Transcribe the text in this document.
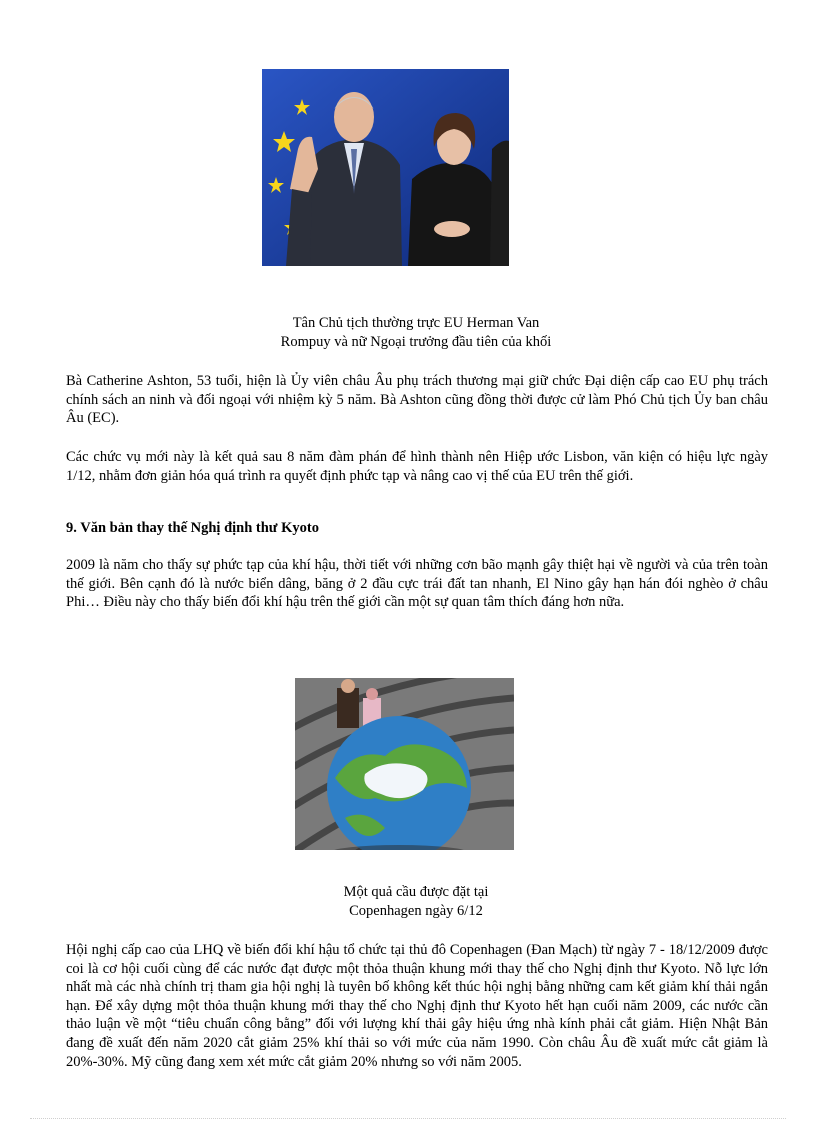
Tân Chủ tịch thường trực EU Herman Van
Rompuy và nữ Ngoại trưởng đầu tiên của khối
Bà Catherine Ashton, 53 tuổi, hiện là Ủy viên châu Âu phụ trách thương mại giữ chức Đại diện cấp cao EU phụ trách chính sách an ninh và đối ngoại với nhiệm kỳ 5 năm. Bà Ashton cũng đồng thời được cử làm Phó Chủ tịch Ủy ban châu Âu (EC).
Các chức vụ mới này là kết quả sau 8 năm đàm phán để hình thành nên Hiệp ước Lisbon, văn kiện có hiệu lực ngày 1/12, nhằm đơn giản hóa quá trình ra quyết định phức tạp và nâng cao vị thế của EU trên thế giới.
9. Văn bản thay thế Nghị định thư Kyoto
2009 là năm cho thấy sự phức tạp của khí hậu, thời tiết với những cơn bão mạnh gây thiệt hại về người và của trên toàn thế giới. Bên cạnh đó là nước biển dâng, băng ở 2 đầu cực trái đất tan nhanh, El Nino gây hạn hán đói nghèo ở châu Phi… Điều này cho thấy biến đổi khí hậu trên thế giới cần một sự quan tâm thích đáng hơn nữa.
Một quả cầu được đặt tại
Copenhagen ngày 6/12
Hội nghị cấp cao của LHQ về biến đổi khí hậu tổ chức tại thủ đô Copenhagen (Đan Mạch) từ ngày 7 - 18/12/2009 được coi là cơ hội cuối cùng để các nước đạt được một thỏa thuận khung mới thay thế cho Nghị định thư Kyoto. Nỗ lực lớn nhất mà các nhà chính trị tham gia hội nghị là tuyên bố không kết thúc hội nghị bằng những cam kết giảm khí thải ngắn hạn. Để xây dựng một thỏa thuận khung mới thay thế cho Nghị định thư Kyoto hết hạn cuối năm 2009, các nước cần thảo luận về một “tiêu chuẩn công bằng” đối với lượng khí thải gây hiệu ứng nhà kính phải cắt giảm. Hiện Nhật Bản đang đề xuất đến năm 2020 cắt giảm 25% khí thải so với mức của năm 1990. Còn châu Âu đề xuất mức cắt giảm là 20%-30%. Mỹ cũng đang xem xét mức cắt giảm 20% nhưng so với năm 2005.
